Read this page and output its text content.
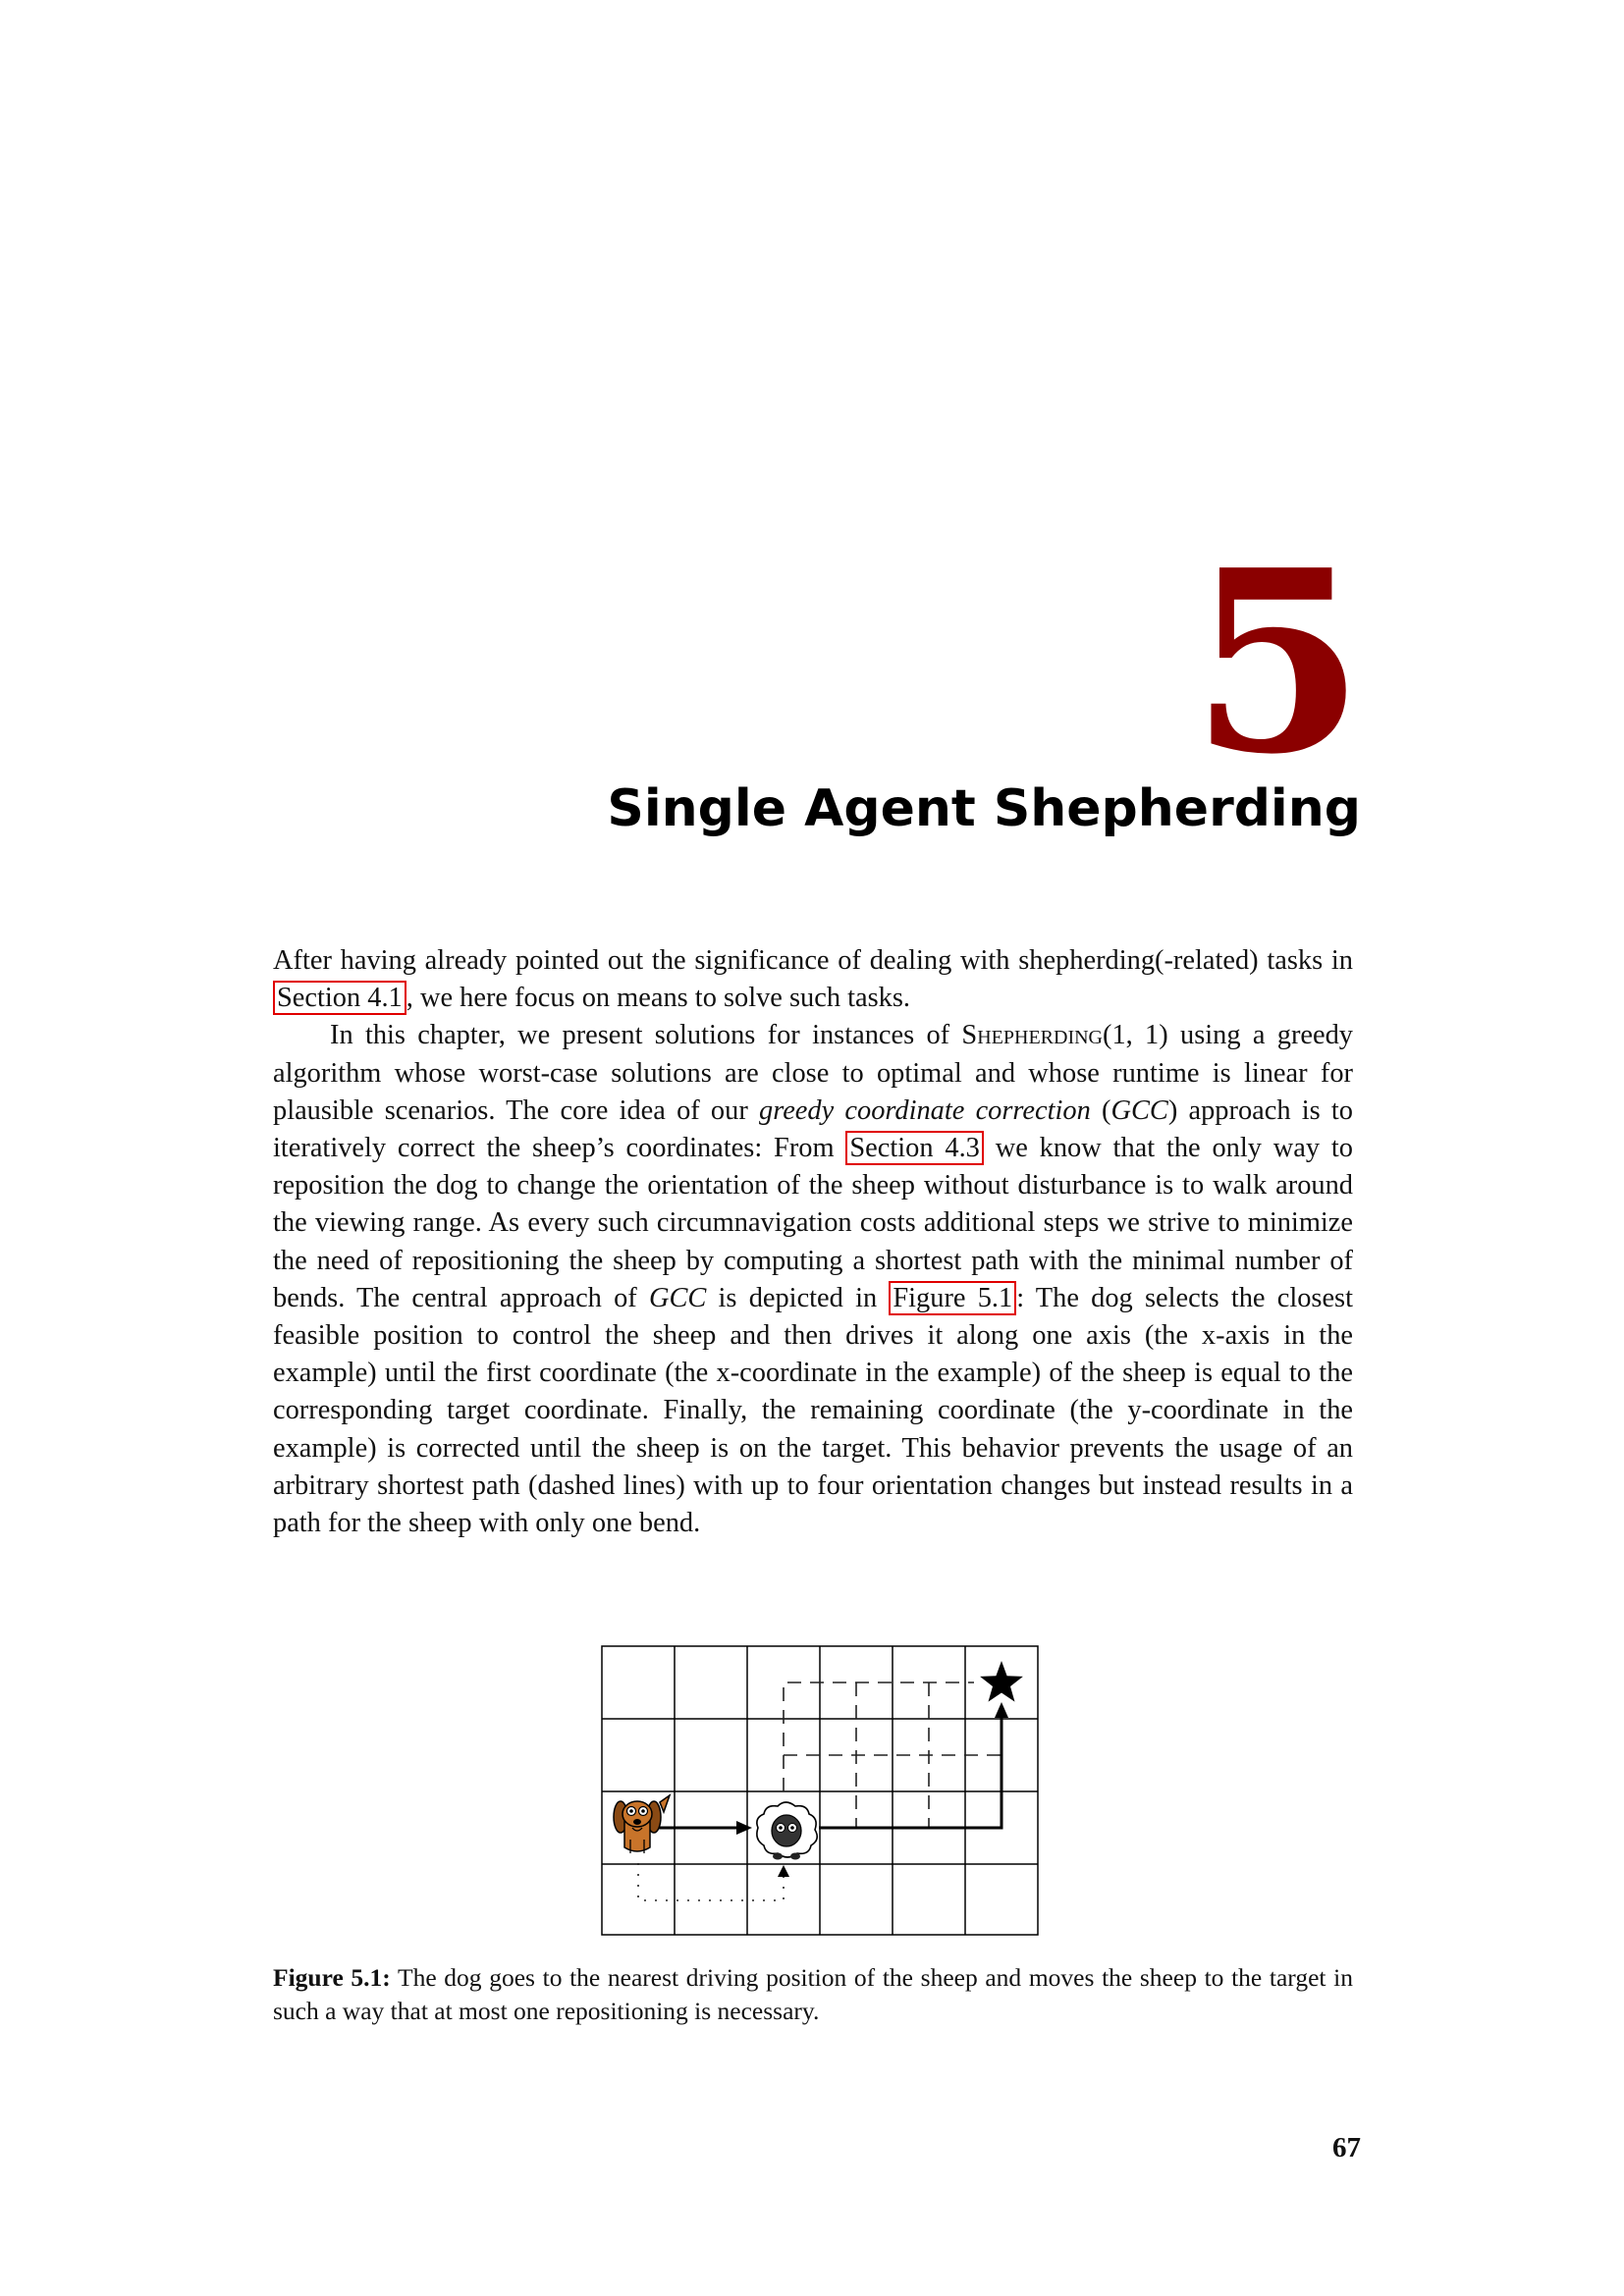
5
Single Agent Shepherding

After having already pointed out the significance of dealing with shepherding(-related) tasks in Section 4.1 , we here focus on means to solve such tasks.

In this chapter, we present solutions for instances of Shepherding(1, 1) using a greedy algorithm whose worst-case solutions are close to optimal and whose runtime is linear for plausible scenarios. The core idea of our greedy coordinate correction (GCC) approach is to iteratively correct the sheep’s coordinates: From Section 4.3 we know that the only way to reposition the dog to change the orientation of the sheep without disturbance is to walk around the viewing range. As every such circumnavigation costs additional steps we strive to minimize the need of repositioning the sheep by computing a shortest path with the minimal number of bends. The central approach of GCC is depicted in Figure 5.1 : The dog selects the closest feasible position to control the sheep and then drives it along one axis (the x-axis in the example) until the first coordinate (the x-coordinate in the example) of the sheep is equal to the corresponding target coordinate. Finally, the remaining coordinate (the y-coordinate in the example) is corrected until the sheep is on the target. This behavior prevents the usage of an arbitrary shortest path (dashed lines) with up to four orientation changes but instead results in a path for the sheep with only one bend.

Figure 5.1: The dog goes to the nearest driving position of the sheep and moves the sheep to the target in such a way that at most one repositioning is necessary.
67
